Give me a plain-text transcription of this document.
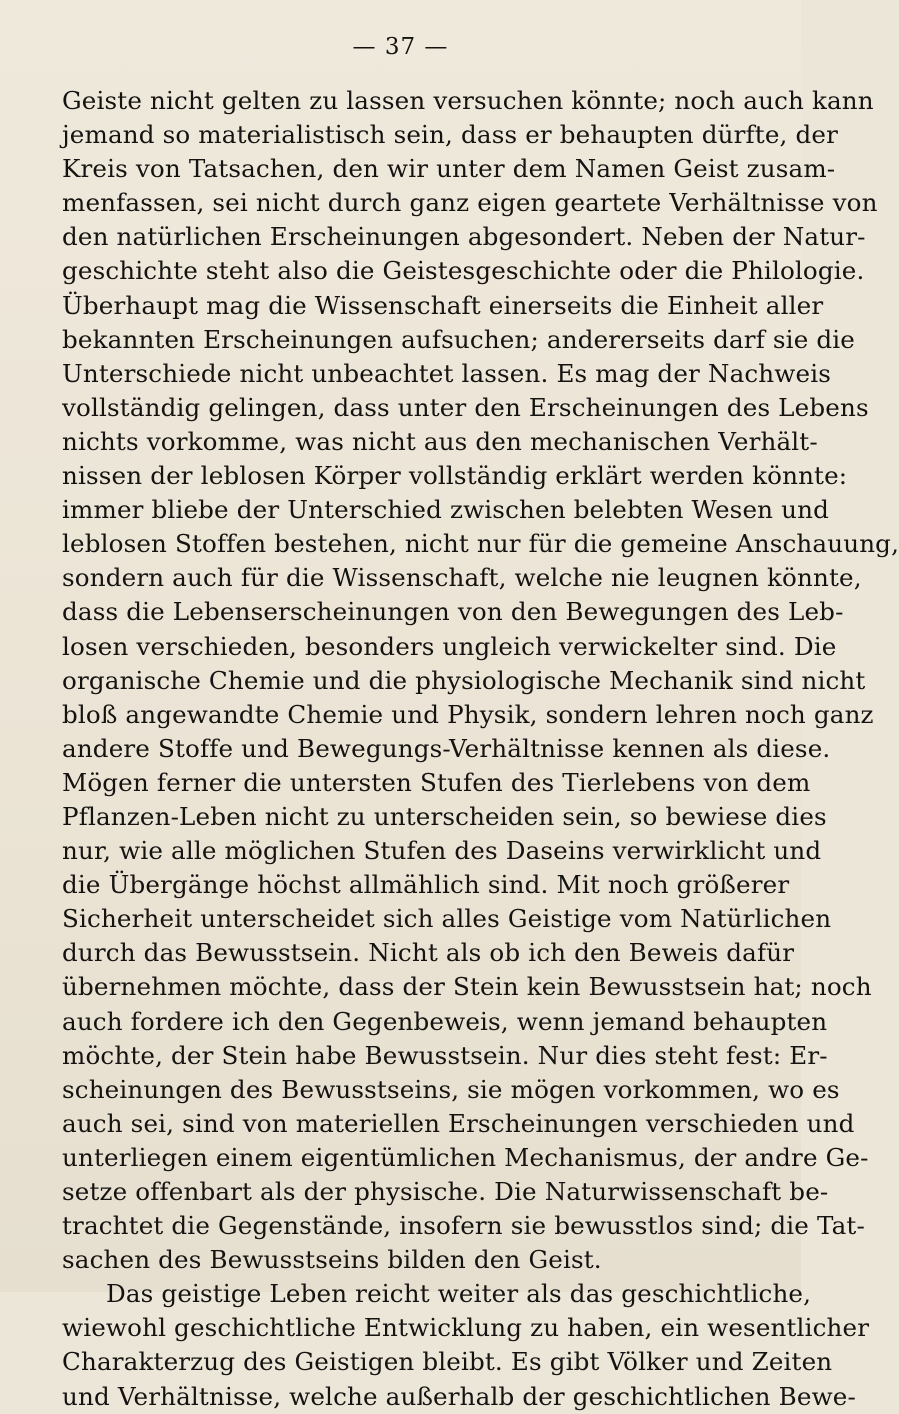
— 37 —
Geiste nicht gelten zu lassen versuchen könnte; noch auch kann
jemand so materialistisch sein, dass er behaupten dürfte, der
Kreis von Tatsachen, den wir unter dem Namen Geist zusam-
menfassen, sei nicht durch ganz eigen geartete Verhältnisse von
den natürlichen Erscheinungen abgesondert. Neben der Natur-
geschichte steht also die Geistesgeschichte oder die Philologie.
Überhaupt mag die Wissenschaft einerseits die Einheit aller
bekannten Erscheinungen aufsuchen; andererseits darf sie die
Unterschiede nicht unbeachtet lassen. Es mag der Nachweis
vollständig gelingen, dass unter den Erscheinungen des Lebens
nichts vorkomme, was nicht aus den mechanischen Verhält-
nissen der leblosen Körper vollständig erklärt werden könnte:
immer bliebe der Unterschied zwischen belebten Wesen und
leblosen Stoffen bestehen, nicht nur für die gemeine Anschauung,
sondern auch für die Wissenschaft, welche nie leugnen könnte,
dass die Lebenserscheinungen von den Bewegungen des Leb-
losen verschieden, besonders ungleich verwickelter sind. Die
organische Chemie und die physiologische Mechanik sind nicht
bloß angewandte Chemie und Physik, sondern lehren noch ganz
andere Stoffe und Bewegungs-Verhältnisse kennen als diese.
Mögen ferner die untersten Stufen des Tierlebens von dem
Pflanzen-Leben nicht zu unterscheiden sein, so bewiese dies
nur, wie alle möglichen Stufen des Daseins verwirklicht und
die Übergänge höchst allmählich sind. Mit noch größerer
Sicherheit unterscheidet sich alles Geistige vom Natürlichen
durch das Bewusstsein. Nicht als ob ich den Beweis dafür
übernehmen möchte, dass der Stein kein Bewusstsein hat; noch
auch fordere ich den Gegenbeweis, wenn jemand behaupten
möchte, der Stein habe Bewusstsein. Nur dies steht fest: Er-
scheinungen des Bewusstseins, sie mögen vorkommen, wo es
auch sei, sind von materiellen Erscheinungen verschieden und
unterliegen einem eigentümlichen Mechanismus, der andre Ge-
setze offenbart als der physische. Die Naturwissenschaft be-
trachtet die Gegenstände, insofern sie bewusstlos sind; die Tat-
sachen des Bewusstseins bilden den Geist.
Das geistige Leben reicht weiter als das geschichtliche,
wiewohl geschichtliche Entwicklung zu haben, ein wesentlicher
Charakterzug des Geistigen bleibt. Es gibt Völker und Zeiten
und Verhältnisse, welche außerhalb der geschichtlichen Bewe-
